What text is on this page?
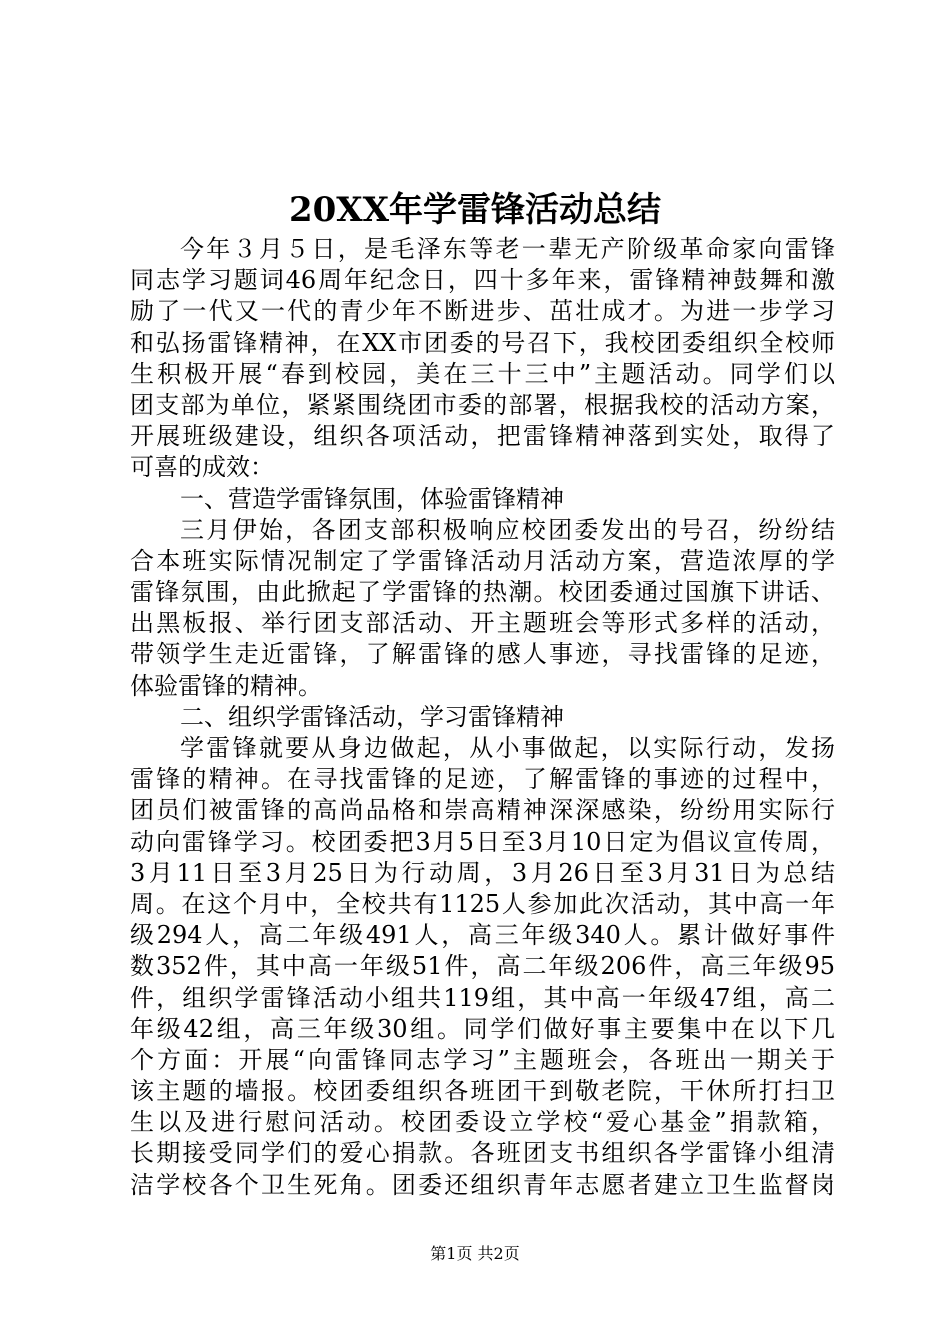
20XX年学雷锋活动总结
今年３月５日，是毛泽东等老一辈无产阶级革命家向雷锋
同志学习题词46周年纪念日，四十多年来，雷锋精神鼓舞和激
励了一代又一代的青少年不断进步、茁壮成才。为进一步学习
和弘扬雷锋精神，在XX市团委的号召下，我校团委组织全校师
生积极开展“春到校园，美在三十三中”主题活动。同学们以
团支部为单位，紧紧围绕团市委的部署，根据我校的活动方案，
开展班级建设，组织各项活动，把雷锋精神落到实处，取得了
可喜的成效：
一、营造学雷锋氛围，体验雷锋精神
三月伊始，各团支部积极响应校团委发出的号召，纷纷结
合本班实际情况制定了学雷锋活动月活动方案，营造浓厚的学
雷锋氛围，由此掀起了学雷锋的热潮。校团委通过国旗下讲话、
出黑板报、举行团支部活动、开主题班会等形式多样的活动，
带领学生走近雷锋，了解雷锋的感人事迹，寻找雷锋的足迹，
体验雷锋的精神。
二、组织学雷锋活动，学习雷锋精神
学雷锋就要从身边做起，从小事做起，以实际行动，发扬
雷锋的精神。在寻找雷锋的足迹，了解雷锋的事迹的过程中，
团员们被雷锋的高尚品格和崇高精神深深感染，纷纷用实际行
动向雷锋学习。校团委把3月5日至3月10日定为倡议宣传周，
3月11日至3月25日为行动周，3月26日至3月31日为总结
周。在这个月中，全校共有1125人参加此次活动，其中高一年
级294人，高二年级491人，高三年级340人。累计做好事件
数352件，其中高一年级51件，高二年级206件，高三年级95
件，组织学雷锋活动小组共119组，其中高一年级47组，高二
年级42组，高三年级30组。同学们做好事主要集中在以下几
个方面：开展“向雷锋同志学习”主题班会，各班出一期关于
该主题的墙报。校团委组织各班团干到敬老院，干休所打扫卫
生以及进行慰问活动。校团委设立学校“爱心基金”捐款箱，
长期接受同学们的爱心捐款。各班团支书组织各学雷锋小组清
洁学校各个卫生死角。团委还组织青年志愿者建立卫生监督岗
第1页 共2页
